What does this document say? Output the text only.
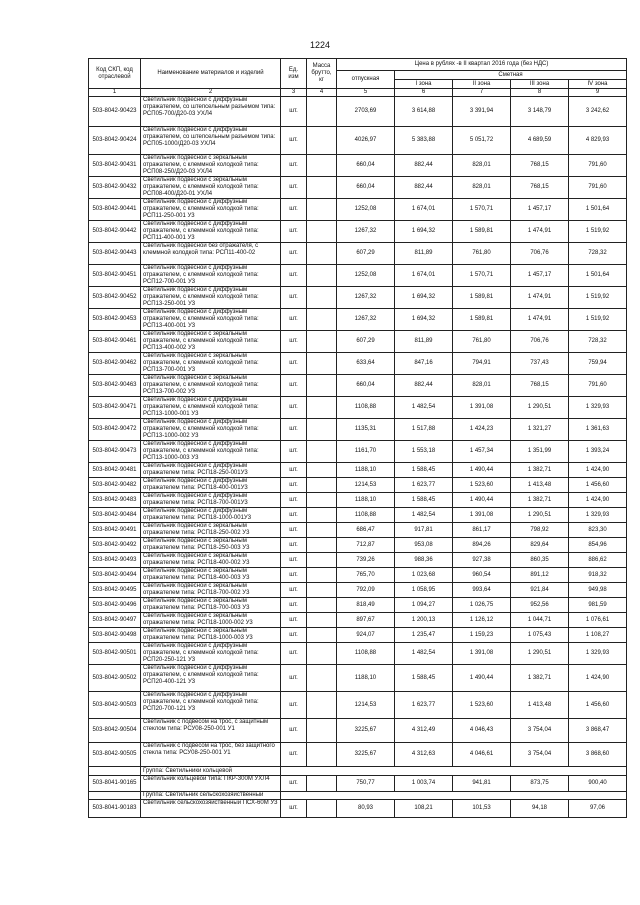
1224
Код СКП, код отраслевой	Наименование материалов и изделий	Ед. изм	Масса брутто, кг	Цена в рублях -в II квартал 2016 года (без НДС)				
				отпускная	Сметная			
					I зона	II зона	III зона	IV зона
1	2	3	4	5	6	7	8	9
503-8042-90423	Светильник подвесной с диффузным отражателем, со штепсельным разъемом типа: РСП05-700/Д20-03 УХЛ4	шт.		2703,69	3 614,88	3 391,94	3 148,79	3 242,62
503-8042-90424	Светильник подвесной с диффузным отражателем, со штепсельным разъемом типа: РСП05-1000/Д20-03 УХЛ4	шт.		4026,97	5 383,88	5 051,72	4 689,59	4 829,93
503-8042-90431	Светильник подвесной с зеркальным отражателем, с клеммной колодкой типа: РСП08-250/Д20-03 УХЛ4	шт.		660,04	882,44	828,01	768,15	791,60
503-8042-90432	Светильник подвесной с зеркальным отражателем, с клеммной колодкой типа: РСП08-400/Д20-01 УХЛ4	шт.		660,04	882,44	828,01	768,15	791,60
503-8042-90441	Светильник подвесной с диффузным отражателем, с клеммной колодкой типа: РСП11-250-001 У3	шт.		1252,08	1 674,01	1 570,71	1 457,17	1 501,64
503-8042-90442	Светильник подвесной с диффузным отражателем, с клеммной колодкой типа: РСП11-400-001 У3	шт.		1267,32	1 694,32	1 589,81	1 474,91	1 519,92
503-8042-90443	Светильник подвесной без отражателя, с клеммной колодкой типа: РСП11-400-02	шт.		607,29	811,89	761,80	706,76	728,32
503-8042-90451	Светильник подвесной с диффузным отражателем, с клеммной колодкой типа: РСП12-700-001 У3	шт.		1252,08	1 674,01	1 570,71	1 457,17	1 501,64
503-8042-90452	Светильник подвесной с диффузным отражателем, с клеммной колодкой типа: РСП13-250-001 У3	шт.		1267,32	1 694,32	1 589,81	1 474,91	1 519,92
503-8042-90453	Светильник подвесной с диффузным отражателем, с клеммной колодкой типа: РСП13-400-001 У3	шт.		1267,32	1 694,32	1 589,81	1 474,91	1 519,92
503-8042-90461	Светильник подвесной с зеркальным отражателем, с клеммной колодкой типа: РСП13-400-002 У3	шт.		607,29	811,89	761,80	706,76	728,32
503-8042-90462	Светильник подвесной с зеркальным отражателем, с клеммной колодкой типа: РСП13-700-001 У3	шт.		633,64	847,16	794,91	737,43	759,94
503-8042-90463	Светильник подвесной с зеркальным отражателем, с клеммной колодкой типа: РСП13-700-002 У3	шт.		660,04	882,44	828,01	768,15	791,60
503-8042-90471	Светильник подвесной с диффузным отражателем, с клеммной колодкой типа: РСП13-1000-001 У3	шт.		1108,88	1 482,54	1 391,08	1 290,51	1 329,93
503-8042-90472	Светильник подвесной с диффузным отражателем, с клеммной колодкой типа: РСП13-1000-002 У3	шт.		1135,31	1 517,88	1 424,23	1 321,27	1 361,63
503-8042-90473	Светильник подвесной с диффузным отражателем, с клеммной колодкой типа: РСП13-1000-003 У3	шт.		1161,70	1 553,18	1 457,34	1 351,99	1 393,24
503-8042-90481	Светильник подвесной с диффузным отражателем типа: РСП18-250-001У3	шт.		1188,10	1 588,45	1 490,44	1 382,71	1 424,90
503-8042-90482	Светильник подвесной с диффузным отражателем типа: РСП18-400-001У3	шт.		1214,53	1 623,77	1 523,60	1 413,48	1 456,60
503-8042-90483	Светильник подвесной с диффузным отражателем типа: РСП18-700-001У3	шт.		1188,10	1 588,45	1 490,44	1 382,71	1 424,90
503-8042-90484	Светильник подвесной с диффузным отражателем типа: РСП18-1000-001У3	шт.		1108,88	1 482,54	1 391,08	1 290,51	1 329,93
503-8042-90491	Светильник подвесной с зеркальным отражателем типа: РСП18-250-002 У3	шт.		686,47	917,81	861,17	798,92	823,30
503-8042-90492	Светильник подвесной с зеркальным отражателем типа: РСП18-250-003 У3	шт.		712,87	953,08	894,26	829,64	854,96
503-8042-90493	Светильник подвесной с зеркальным отражателем типа: РСП18-400-002 У3	шт.		739,26	988,36	927,38	860,35	886,62
503-8042-90494	Светильник подвесной с зеркальным отражателем типа: РСП18-400-003 У3	шт.		765,70	1 023,68	960,54	891,12	918,32
503-8042-90495	Светильник подвесной с зеркальным отражателем типа: РСП18-700-002 У3	шт.		792,09	1 058,95	993,64	921,84	949,98
503-8042-90496	Светильник подвесной с зеркальным отражателем типа: РСП18-700-003 У3	шт.		818,49	1 094,27	1 026,75	952,56	981,59
503-8042-90497	Светильник подвесной с зеркальным отражателем типа: РСП18-1000-002 У3	шт.		897,67	1 200,13	1 126,12	1 044,71	1 076,61
503-8042-90498	Светильник подвесной с зеркальным отражателем типа: РСП18-1000-003 У3	шт.		924,07	1 235,47	1 159,23	1 075,43	1 108,27
503-8042-90501	Светильник подвесной с диффузным отражателем, с клеммной колодкой типа: РСП20-250-121 У3	шт.		1108,88	1 482,54	1 391,08	1 290,51	1 329,93
503-8042-90502	Светильник подвесной с диффузным отражателем, с клеммной колодкой типа: РСП20-400-121 У3	шт.		1188,10	1 588,45	1 490,44	1 382,71	1 424,90
503-8042-90503	Светильник подвесной с диффузным отражателем, с клеммной колодкой типа: РСП20-700-121 У3	шт.		1214,53	1 623,77	1 523,60	1 413,48	1 456,60
503-8042-90504	Светильник с подвесом на трос, с защитным стеклом типа: РСУ08-250-001 У1	шт.		3225,67	4 312,49	4 046,43	3 754,04	3 868,47
503-8042-90505	Светильник с подвесом на трос, без защитного стекла типа: РСУ08-250-001 У1	шт.		3225,67	4 312,63	4 046,61	3 754,04	3 868,60
	Группа: Светильники кольцевой							
503-8041-90165	Светильник кольцевой типа: ПКР-300М УХЛ4	шт.		750,77	1 003,74	941,81	873,75	900,40
	Группа: Светильник сельскохозяйственный							
503-8041-90183	Светильник сельскохозяйственный ПСХ-60М У3	шт.		80,93	108,21	101,53	94,18	97,06
